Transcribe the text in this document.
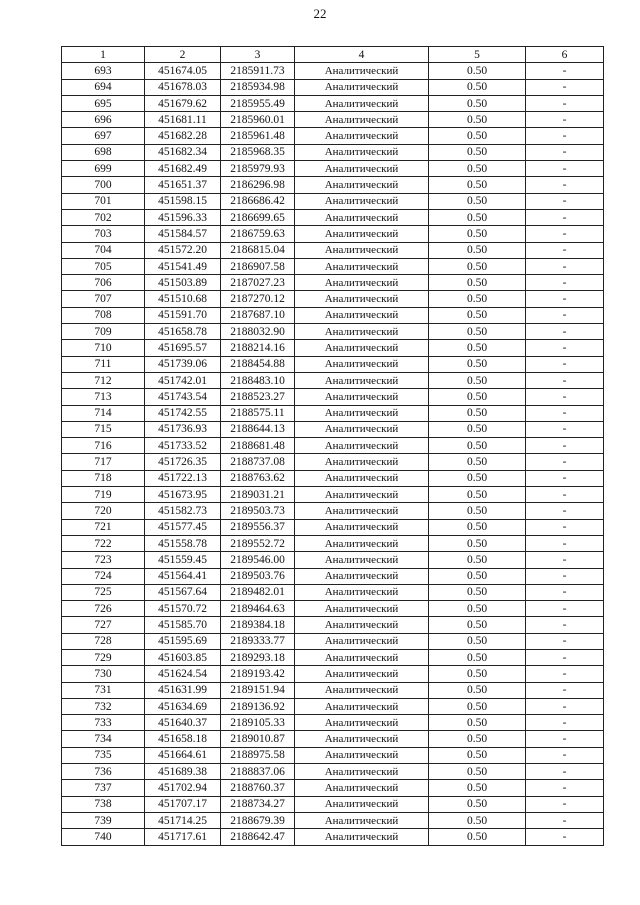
22
1	2	3	4	5	6
693	451674.05	2185911.73	Аналитический	0.50	-
694	451678.03	2185934.98	Аналитический	0.50	-
695	451679.62	2185955.49	Аналитический	0.50	-
696	451681.11	2185960.01	Аналитический	0.50	-
697	451682.28	2185961.48	Аналитический	0.50	-
698	451682.34	2185968.35	Аналитический	0.50	-
699	451682.49	2185979.93	Аналитический	0.50	-
700	451651.37	2186296.98	Аналитический	0.50	-
701	451598.15	2186686.42	Аналитический	0.50	-
702	451596.33	2186699.65	Аналитический	0.50	-
703	451584.57	2186759.63	Аналитический	0.50	-
704	451572.20	2186815.04	Аналитический	0.50	-
705	451541.49	2186907.58	Аналитический	0.50	-
706	451503.89	2187027.23	Аналитический	0.50	-
707	451510.68	2187270.12	Аналитический	0.50	-
708	451591.70	2187687.10	Аналитический	0.50	-
709	451658.78	2188032.90	Аналитический	0.50	-
710	451695.57	2188214.16	Аналитический	0.50	-
711	451739.06	2188454.88	Аналитический	0.50	-
712	451742.01	2188483.10	Аналитический	0.50	-
713	451743.54	2188523.27	Аналитический	0.50	-
714	451742.55	2188575.11	Аналитический	0.50	-
715	451736.93	2188644.13	Аналитический	0.50	-
716	451733.52	2188681.48	Аналитический	0.50	-
717	451726.35	2188737.08	Аналитический	0.50	-
718	451722.13	2188763.62	Аналитический	0.50	-
719	451673.95	2189031.21	Аналитический	0.50	-
720	451582.73	2189503.73	Аналитический	0.50	-
721	451577.45	2189556.37	Аналитический	0.50	-
722	451558.78	2189552.72	Аналитический	0.50	-
723	451559.45	2189546.00	Аналитический	0.50	-
724	451564.41	2189503.76	Аналитический	0.50	-
725	451567.64	2189482.01	Аналитический	0.50	-
726	451570.72	2189464.63	Аналитический	0.50	-
727	451585.70	2189384.18	Аналитический	0.50	-
728	451595.69	2189333.77	Аналитический	0.50	-
729	451603.85	2189293.18	Аналитический	0.50	-
730	451624.54	2189193.42	Аналитический	0.50	-
731	451631.99	2189151.94	Аналитический	0.50	-
732	451634.69	2189136.92	Аналитический	0.50	-
733	451640.37	2189105.33	Аналитический	0.50	-
734	451658.18	2189010.87	Аналитический	0.50	-
735	451664.61	2188975.58	Аналитический	0.50	-
736	451689.38	2188837.06	Аналитический	0.50	-
737	451702.94	2188760.37	Аналитический	0.50	-
738	451707.17	2188734.27	Аналитический	0.50	-
739	451714.25	2188679.39	Аналитический	0.50	-
740	451717.61	2188642.47	Аналитический	0.50	-
